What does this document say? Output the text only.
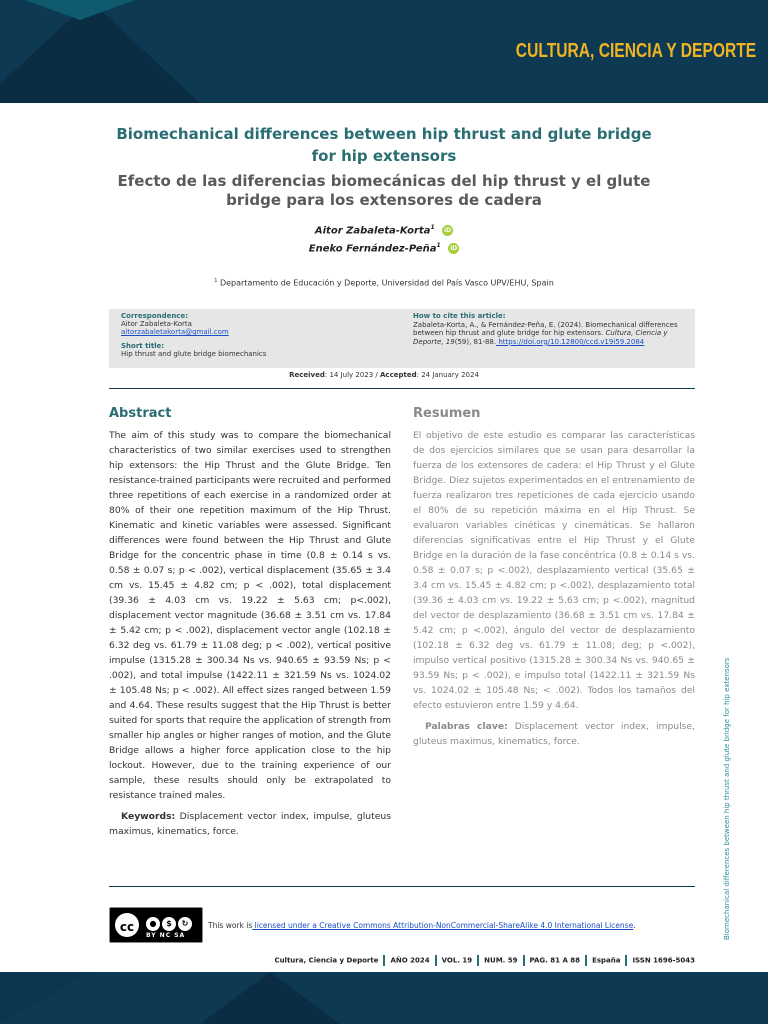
CULTURA, CIENCIA Y DEPORTE
Biomechanical differences between hip thrust and glute bridge
for hip extensors
Efecto de las diferencias biomecánicas del hip thrust y el glute
bridge para los extensores de cadera
Aitor Zabaleta-Korta$^1$ iD
Eneko Fernández-Peña$^1$ iD
$^1$ Departamento de Educación y Deporte, Universidad del País Vasco UPV/EHU, Spain
Correspondence:
Aitor Zabaleta-Korta
aitorzabaletakorta@gmail.com
Short title:
Hip thrust and glute bridge biomechanics
How to cite this article:
Zabaleta-Korta, A., & Fernández-Peña, E. (2024). Biomechanical differences between hip thrust and glute bridge for hip extensors. Cultura, Ciencia y Deporte, 19(59), 81-88. https://doi.org/10.12800/ccd.v19i59.2084
Received: 14 July 2023 / Accepted: 24 January 2024
Abstract	Resumen
The aim of this study was to compare the biomechanical characteristics of two similar exercises used to strengthen hip extensors: the Hip Thrust and the Glute Bridge. Ten resistance-trained participants were recruited and performed three repetitions of each exercise in a randomized order at 80% of their one repetition maximum of the Hip Thrust. Kinematic and kinetic variables were assessed. Significant differences were found between the Hip Thrust and Glute Bridge for the concentric phase in time (0.8 ± 0.14 s vs. 0.58 ± 0.07 s; p < .002), vertical displacement (35.65 ± 3.4 cm vs. 15.45 ± 4.82 cm; p < .002), total displacement (39.36 ± 4.03 cm vs. 19.22 ± 5.63 cm; p<.002), displacement vector magnitude (36.68 ± 3.51 cm vs. 17.84 ± 5.42 cm; p < .002), displacement vector angle (102.18 ± 6.32 deg vs. 61.79 ± 11.08 deg; p < .002), vertical positive impulse (1315.28 ± 300.34 Ns vs. 940.65 ± 93.59 Ns; p < .002), and total impulse (1422.11 ± 321.59 Ns vs. 1024.02 ± 105.48 Ns; p < .002). All effect sizes ranged between 1.59 and 4.64. These results suggest that the Hip Thrust is better suited for sports that require the application of strength from smaller hip angles or higher ranges of motion, and the Glute Bridge allows a higher force application close to the hip lockout. However, due to the training experience of our sample, these results should only be extrapolated to resistance trained males.
Keywords: Displacement vector index, impulse, gluteus maximus, kinematics, force.
El objetivo de este estudio es comparar las características de dos ejercicios similares que se usan para desarrollar la fuerza de los extensores de cadera: el Hip Thrust y el Glute Bridge. Diez sujetos experimentados en el entrenamiento de fuerza realizaron tres repeticiones de cada ejercicio usando el 80% de su repetición máxima en el Hip Thrust. Se evaluaron variables cinéticas y cinemáticas. Se hallaron diferencias significativas entre el Hip Thrust y el Glute Bridge en la duración de la fase concéntrica (0.8 ± 0.14 s vs. 0.58 ± 0.07 s; p <.002), desplazamiento vertical (35.65 ± 3.4 cm vs. 15.45 ± 4.82 cm; p <.002), desplazamiento total (39.36 ± 4.03 cm vs. 19.22 ± 5.63 cm; p <.002), magnitud del vector de desplazamiento (36.68 ± 3.51 cm vs. 17.84 ± 5.42 cm; p <.002), ángulo del vector de desplazamiento (102.18 ± 6.32 deg vs. 61.79 ± 11.08; deg; p <.002), impulso vertical positivo (1315.28 ± 300.34 Ns vs. 940.65 ± 93.59 Ns; p < .002), e impulso total (1422.11 ± 321.59 Ns vs. 1024.02 ± 105.48 Ns; < .002). Todos los tamaños del efecto estuvieron entre 1.59 y 4.64.
Palabras clave: Displacement vector index, impulse, gluteus maximus, kinematics, force.	Biomechanical differences between hip thrust and glute bridge for hip extensors
cc	● $ ↻
BY NC SA
This work is licensed under a Creative Commons Attribution-NonCommercial-ShareAlike 4.0 International License.
Cultura, Ciencia y Deporte AÑO 2024 VOL. 19 NUM. 59 PAG. 81 A 88 España ISSN 1696-5043
